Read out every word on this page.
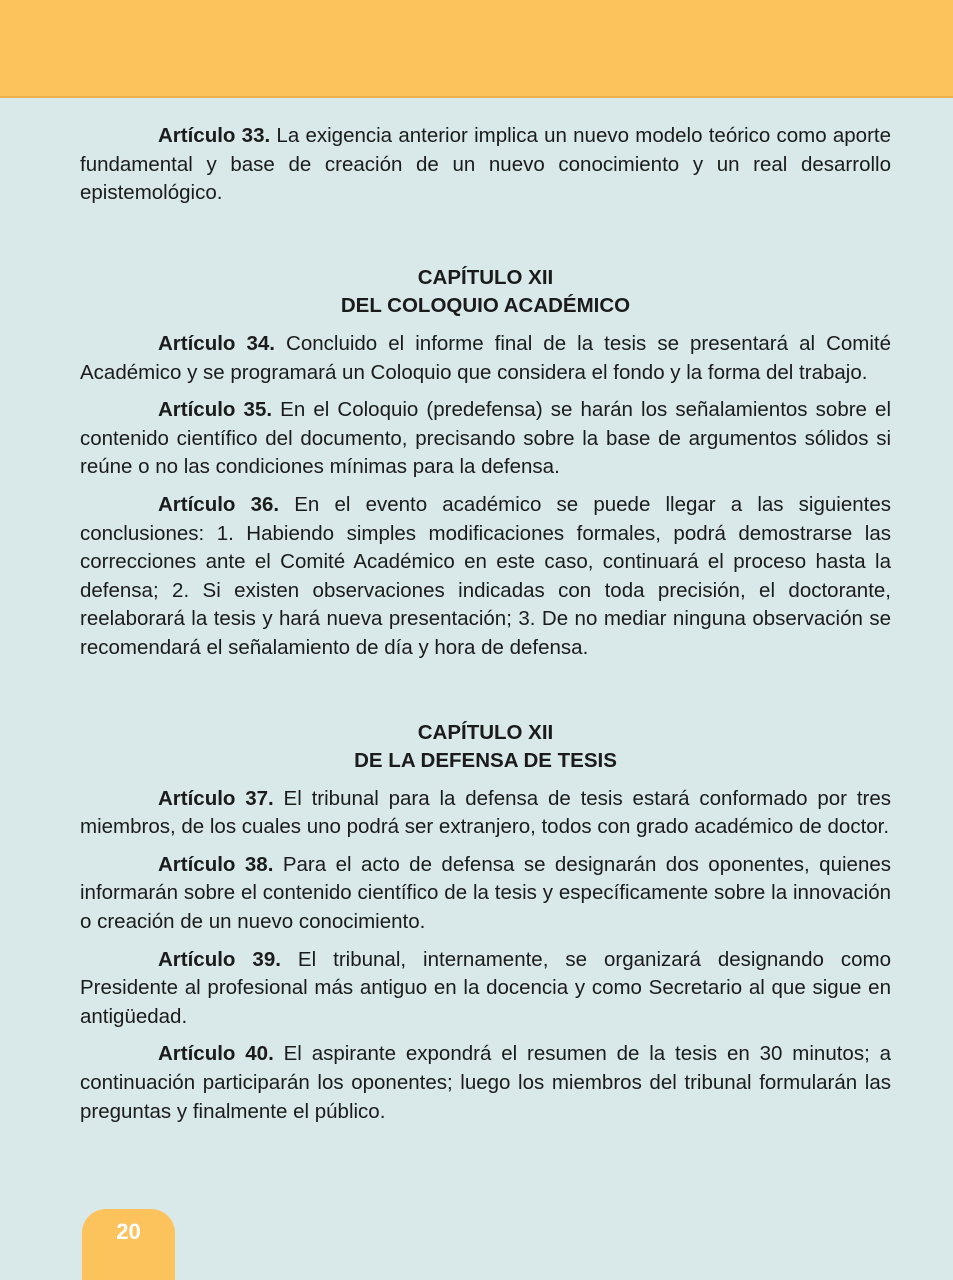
Artículo 33. La exigencia anterior implica un nuevo modelo teórico como aporte fundamental y base de creación de un nuevo conocimiento y un real desarrollo epistemológico.

CAPÍTULO XII
DEL COLOQUIO ACADÉMICO

Artículo 34. Concluido el informe final de la tesis se presentará al Comité Académico y se programará un Coloquio que considera el fondo y la forma del trabajo.

Artículo 35. En el Coloquio (predefensa) se harán los señalamientos sobre el contenido científico del documento, precisando sobre la base de argumentos sólidos si reúne o no las condiciones mínimas para la defensa.

Artículo 36. En el evento académico se puede llegar a las siguientes conclusiones: 1. Habiendo simples modificaciones formales, podrá demostrarse las correcciones ante el Comité Académico en este caso, continuará el proceso hasta la defensa; 2. Si existen observaciones indicadas con toda precisión, el doctorante, reelaborará la tesis y hará nueva presentación; 3. De no mediar ninguna observación se recomendará el señalamiento de día y hora de defensa.

CAPÍTULO XII
DE LA DEFENSA DE TESIS

Artículo 37. El tribunal para la defensa de tesis estará conformado por tres miembros, de los cuales uno podrá ser extranjero, todos con grado académico de doctor.

Artículo 38. Para el acto de defensa se designarán dos oponentes, quienes informarán sobre el contenido científico de la tesis y específicamente sobre la innovación o creación de un nuevo conocimiento.

Artículo 39. El tribunal, internamente, se organizará designando como Presidente al profesional más antiguo en la docencia y como Secretario al que sigue en antigüedad.

Artículo 40. El aspirante expondrá el resumen de la tesis en 30 minutos; a continuación participarán los oponentes; luego los miembros del tribunal formularán las preguntas y finalmente el público.

20
